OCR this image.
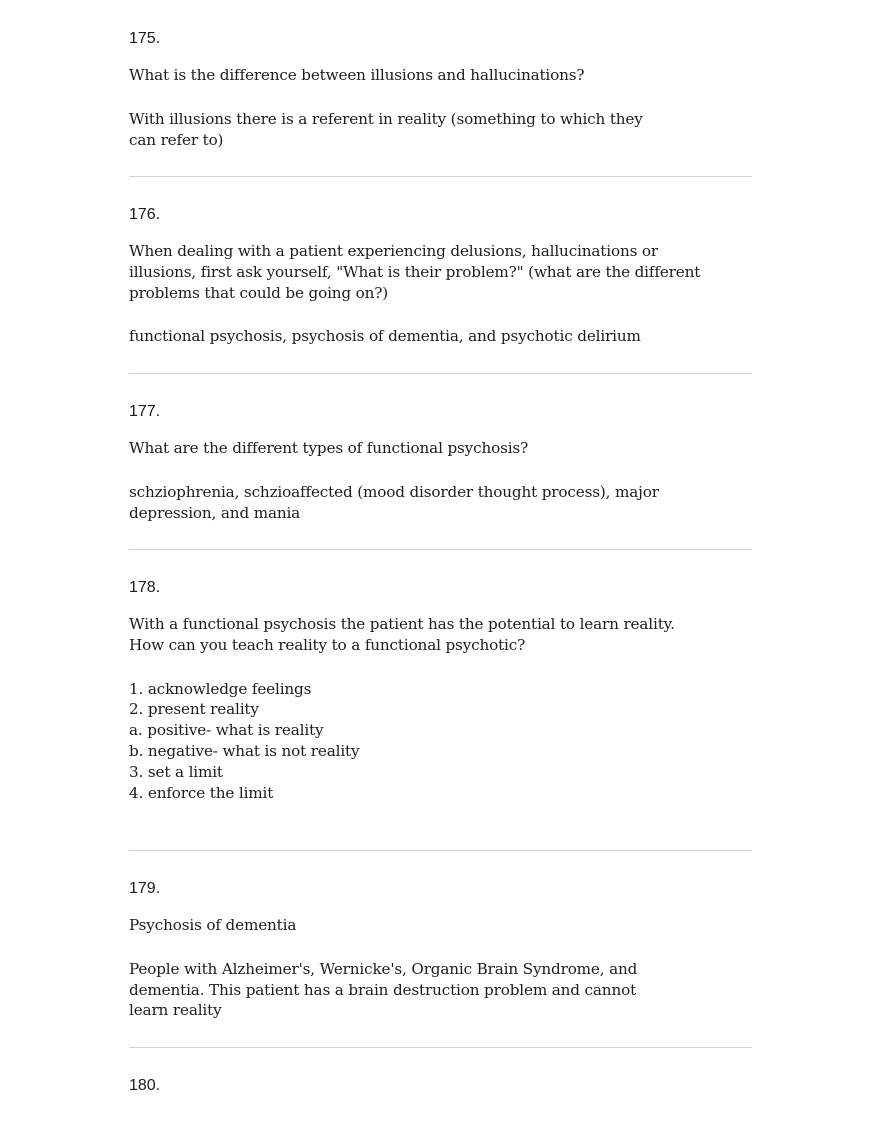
175.

What is the difference between illusions and hallucinations?

With illusions there is a referent in reality (something to which they
can refer to)

176.

When dealing with a patient experiencing delusions, hallucinations or
illusions, first ask yourself, "What is their problem?" (what are the different
problems that could be going on?)

functional psychosis, psychosis of dementia, and psychotic delirium

177.

What are the different types of functional psychosis?

schziophrenia, schzioaffected (mood disorder thought process), major
depression, and mania

178.

With a functional psychosis the patient has the potential to learn reality.
How can you teach reality to a functional psychotic?

1. acknowledge feelings
2. present reality
a. positive- what is reality
b. negative- what is not reality
3. set a limit
4. enforce the limit

179.

Psychosis of dementia

People with Alzheimer's, Wernicke's, Organic Brain Syndrome, and
dementia. This patient has a brain destruction problem and cannot
learn reality

180.
